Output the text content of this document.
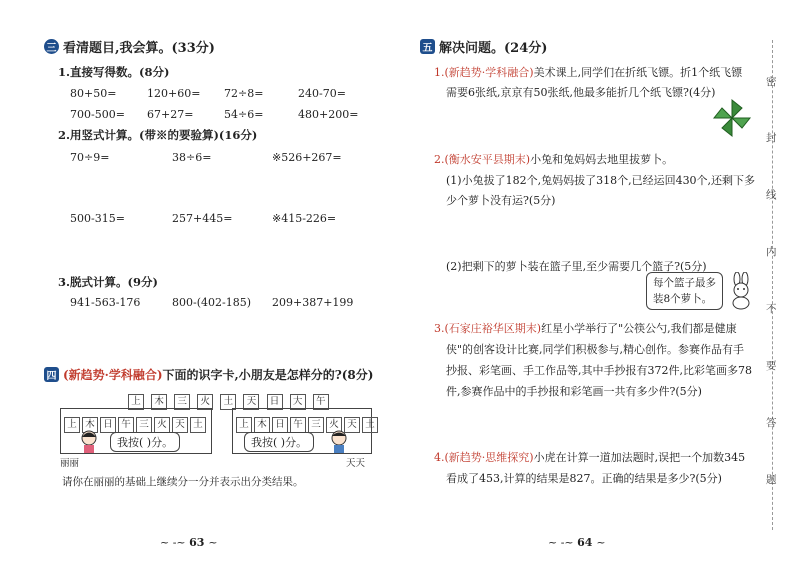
三 看清题目,我会算。(33分)
1.直接写得数。(8分)
80+50=	120+60= 72÷8=	240-70=
700-500= 67+27=	54÷6=	480+200=
2.用竖式计算。(带※的要验算)(16分)
70÷9=	38÷6=	※526+267=
500-315=	257+445=	※415-226=
3.脱式计算。(9分)
941-563-176	800-(402-185) 209+387+199
四 (新趋势·学科融合) 下面的识字卡,小朋友是怎样分的?(8分)
上 木 三 火 土 天 日 大 午
上 木 日 午 三 火 天 土
我按( )分。
丽丽
上 木 日 午 三 火 天 土
我按( )分。
天天
请你在丽丽的基础上继续分一分并表示出分类结果。
~ -~ 63 ~
五 解决问题。(24分)
1.(新趋势·学科融合)美术课上,同学们在折纸飞镖。折1个纸飞镖
需要6张纸,京京有50张纸,他最多能折几个纸飞镖?(4分)
2.(衡水安平县期末)小兔和兔妈妈去地里拔萝卜。
(1)小兔拔了182个,兔妈妈拔了318个,已经运回430个,还剩下多
少个萝卜没有运?(5分)
(2)把剩下的萝卜装在篮子里,至少需要几个篮子?(5分)
每个篮子最多
装8个萝卜。
3.(石家庄裕华区期末)红星小学举行了"公筷公勺,我们都是健康
侠"的创客设计比赛,同学们积极参与,精心创作。参赛作品有手
抄报、彩笔画、手工作品等,其中手抄报有372件,比彩笔画多78
件,参赛作品中的手抄报和彩笔画一共有多少件?(5分)
4.(新趋势·思维探究)小虎在计算一道加法题时,误把一个加数345
看成了453,计算的结果是827。正确的结果是多少?(5分)
~ -~ 64 ~
密
封
线
内
不
要
答
题
